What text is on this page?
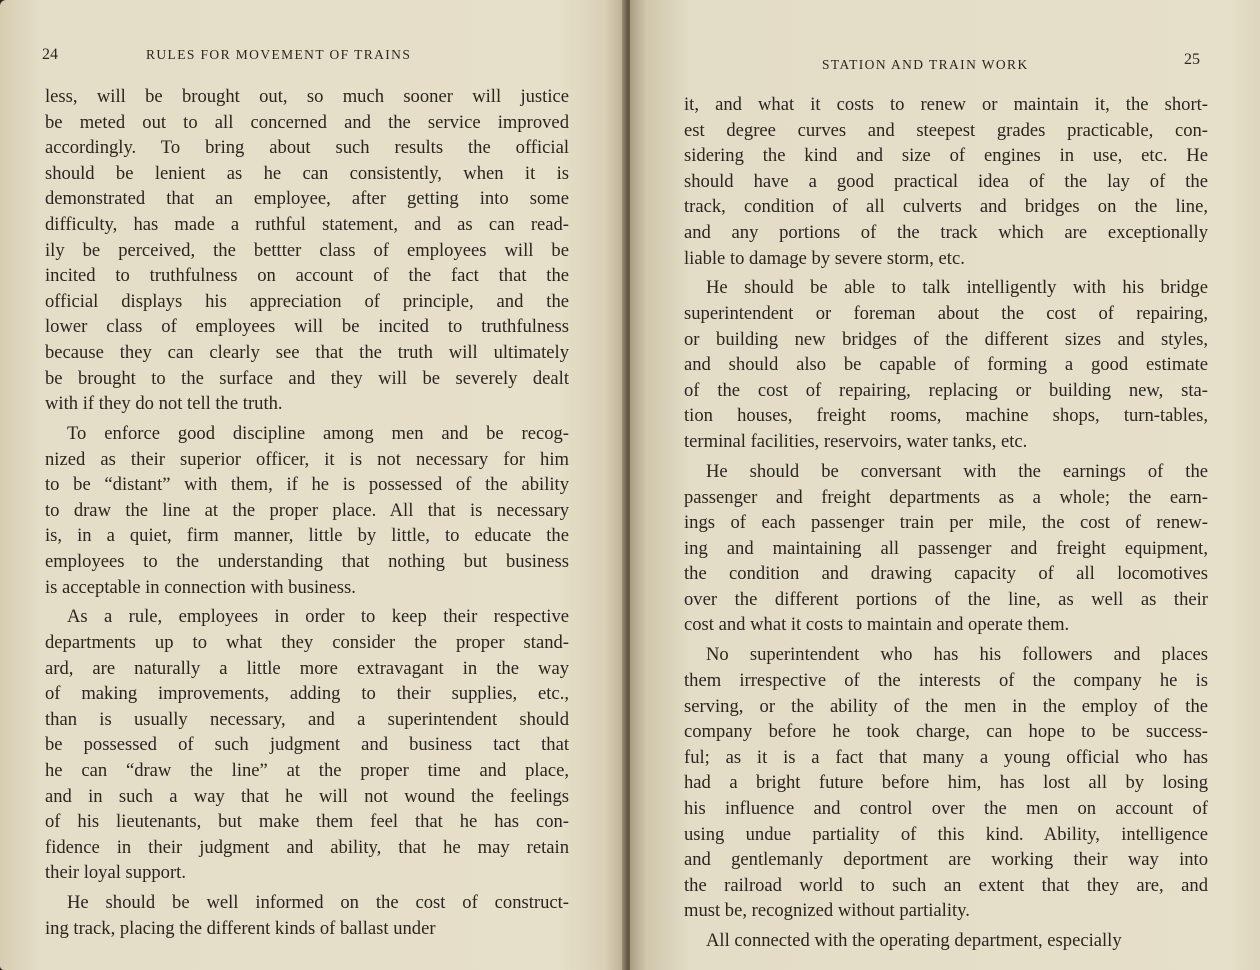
24	RULES FOR MOVEMENT OF TRAINS
less, will be brought out, so much sooner will justice
be meted out to all concerned and the service improved
accordingly. To bring about such results the official
should be lenient as he can consistently, when it is
demonstrated that an employee, after getting into some
difficulty, has made a ruthful statement, and as can read-
ily be perceived, the bettter class of employees will be
incited to truthfulness on account of the fact that the
official displays his appreciation of principle, and the
lower class of employees will be incited to truthfulness
because they can clearly see that the truth will ultimately
be brought to the surface and they will be severely dealt
with if they do not tell the truth.
To enforce good discipline among men and be recog-
nized as their superior officer, it is not necessary for him
to be “distant” with them, if he is possessed of the ability
to draw the line at the proper place. All that is necessary
is, in a quiet, firm manner, little by little, to educate the
employees to the understanding that nothing but business
is acceptable in connection with business.
As a rule, employees in order to keep their respective
departments up to what they consider the proper stand-
ard, are naturally a little more extravagant in the way
of making improvements, adding to their supplies, etc.,
than is usually necessary, and a superintendent should
be possessed of such judgment and business tact that
he can “draw the line” at the proper time and place,
and in such a way that he will not wound the feelings
of his lieutenants, but make them feel that he has con-
fidence in their judgment and ability, that he may retain
their loyal support.
He should be well informed on the cost of construct-
ing track, placing the different kinds of ballast under
STATION AND TRAIN WORK	25
it, and what it costs to renew or maintain it, the short-
est degree curves and steepest grades practicable, con-
sidering the kind and size of engines in use, etc. He
should have a good practical idea of the lay of the
track, condition of all culverts and bridges on the line,
and any portions of the track which are exceptionally
liable to damage by severe storm, etc.
He should be able to talk intelligently with his bridge
superintendent or foreman about the cost of repairing,
or building new bridges of the different sizes and styles,
and should also be capable of forming a good estimate
of the cost of repairing, replacing or building new, sta-
tion houses, freight rooms, machine shops, turn-tables,
terminal facilities, reservoirs, water tanks, etc.
He should be conversant with the earnings of the
passenger and freight departments as a whole; the earn-
ings of each passenger train per mile, the cost of renew-
ing and maintaining all passenger and freight equipment,
the condition and drawing capacity of all locomotives
over the different portions of the line, as well as their
cost and what it costs to maintain and operate them.
No superintendent who has his followers and places
them irrespective of the interests of the company he is
serving, or the ability of the men in the employ of the
company before he took charge, can hope to be success-
ful; as it is a fact that many a young official who has
had a bright future before him, has lost all by losing
his influence and control over the men on account of
using undue partiality of this kind. Ability, intelligence
and gentlemanly deportment are working their way into
the railroad world to such an extent that they are, and
must be, recognized without partiality.
All connected with the operating department, especially
